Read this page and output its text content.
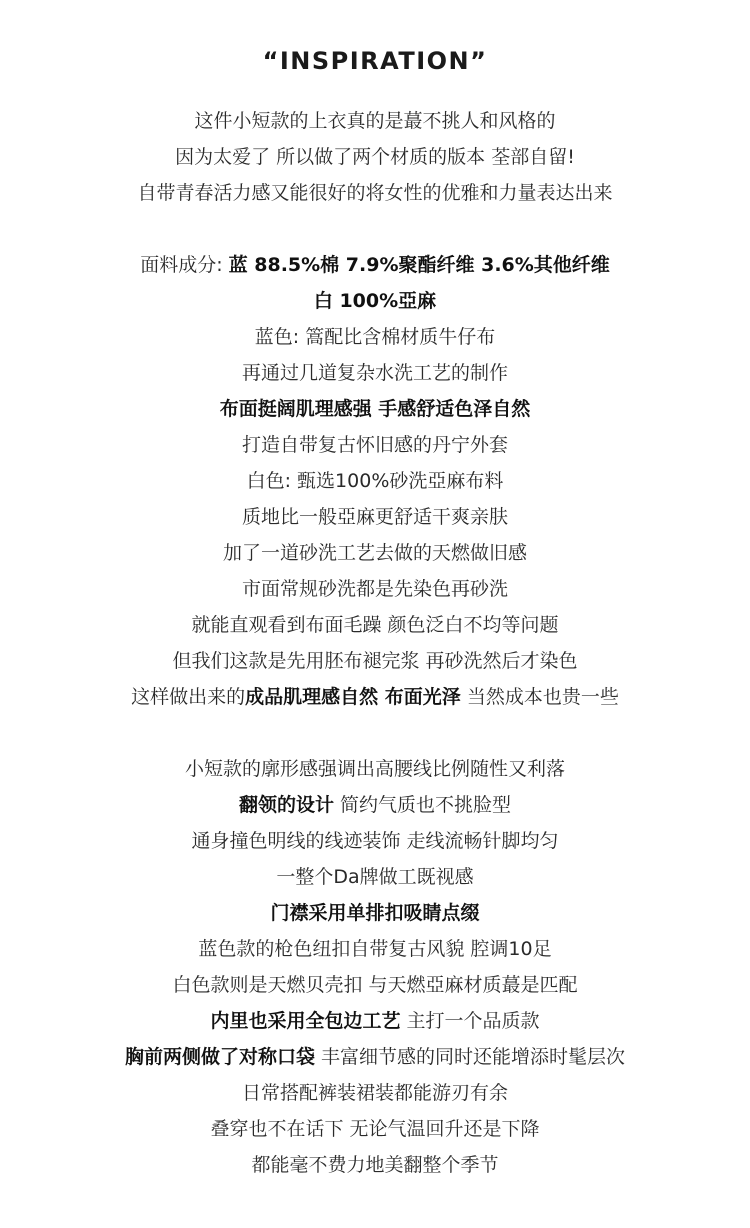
“INSPIRATION”
这件小短款的上衣真的是蕞不挑人和风格的
因为太爱了 所以做了两个材质的版本 荃部自留!
自带青春活力感又能很好的将女性的优雅和力量表达出来
面料成分: 蓝 88.5%棉 7.9%聚酯纤维 3.6%其他纤维
白 100%亞麻
蓝色: 篙配比含棉材质牛仔布
再通过几道复杂水洗工艺的制作
布面挺阔肌理感强 手感舒适色泽自然
打造自带复古怀旧感的丹宁外套
白色: 甄选100%砂洗亞麻布料
质地比一般亞麻更舒适干爽亲肤
加了一道砂洗工艺去做的天燃做旧感
市面常规砂洗都是先染色再砂洗
就能直观看到布面毛躁 颜色泛白不均等问题
但我们这款是先用胚布褪完浆 再砂洗然后才染色
这样做出来的成品肌理感自然 布面光泽 当然成本也贵一些
小短款的廓形感强调出高腰线比例随性又利落
翻领的设计 简约气质也不挑脸型
通身撞色明线的线迹装饰 走线流畅针脚均匀
一整个Da牌做工既视感
门襟采用单排扣吸睛点缀
蓝色款的枪色纽扣自带复古风貌 腔调10足
白色款则是天燃贝壳扣 与天燃亞麻材质蕞是匹配
内里也采用全包边工艺 主打一个品质款
胸前两侧做了对称口袋 丰富细节感的同时还能增添时髦层次
日常搭配裤装裙装都能游刃有余
叠穿也不在话下 无论气温回升还是下降
都能毫不费力地美翻整个季节
